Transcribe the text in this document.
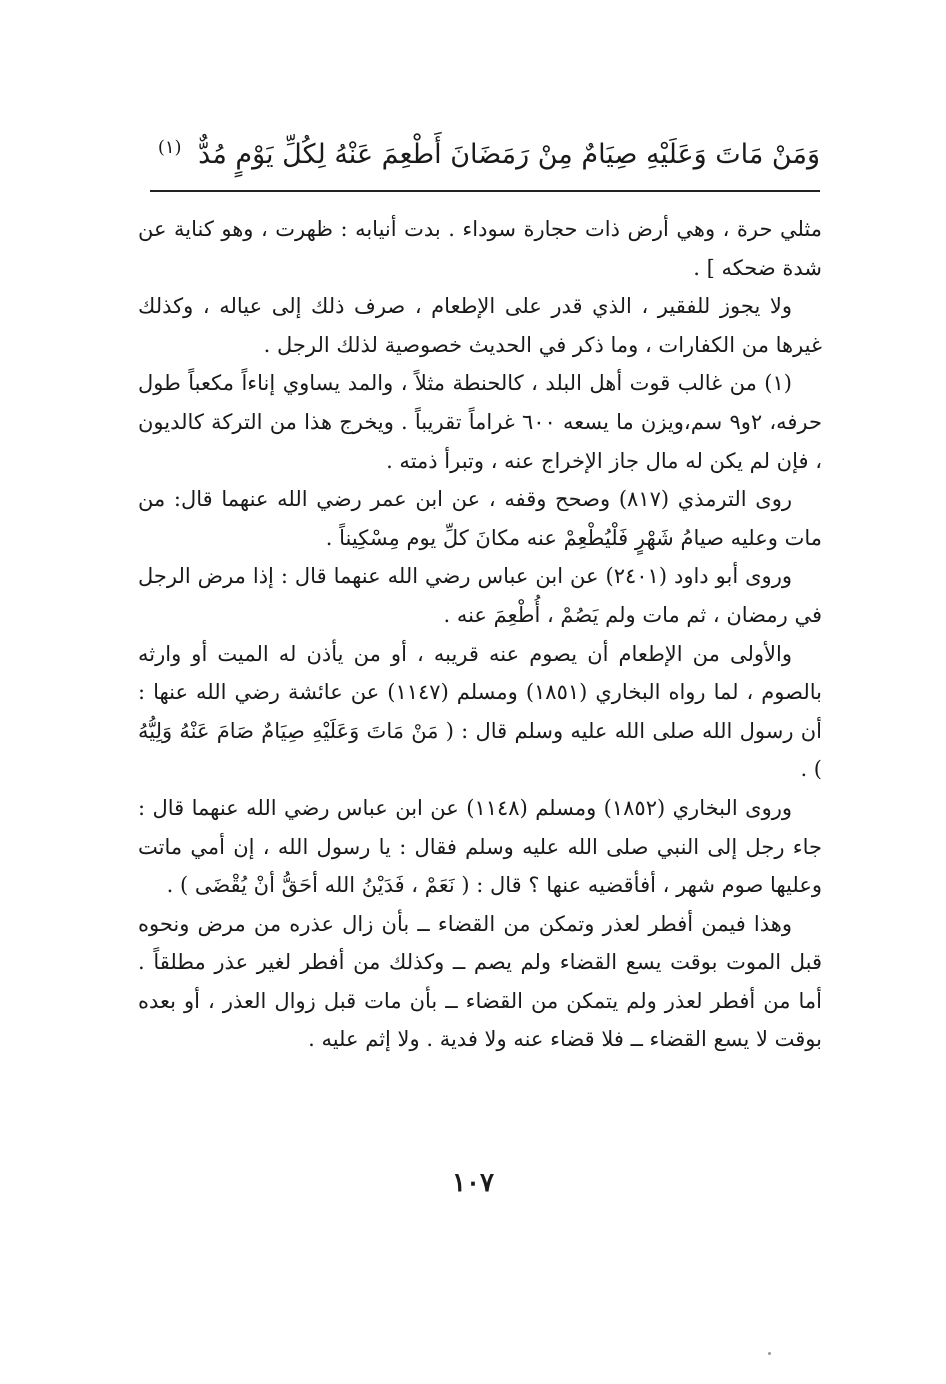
وَمَنْ مَاتَ وَعَلَيْهِ صِيَامٌ مِنْ رَمَضَانَ أَطْعِمَ عَنْهُ لِكُلِّ يَوْمٍ مُدٌّ $^{(١)}$

مثلي حرة ، وهي أرض ذات حجارة سوداء . بدت أنيابه : ظهرت ، وهو كناية عن شدة ضحكه ] .

ولا يجوز للفقير ، الذي قدر على الإطعام ، صرف ذلك إلى عياله ، وكذلك غيرها من الكفارات ، وما ذكر في الحديث خصوصية لذلك الرجل .

(١) من غالب قوت أهل البلد ، كالحنطة مثلاً ، والمد يساوي إناءاً مكعباً طول حرفه، ٢و٩ سم،ويزن ما يسعه ٦٠٠ غراماً تقريباً . ويخرج هذا من التركة كالديون ، فإن لم يكن له مال جاز الإخراج عنه ، وتبرأ ذمته .

روى الترمذي (٨١٧) وصحح وقفه ، عن ابن عمر رضي الله عنهما قال: من مات وعليه صيامُ شَهْرٍ فَلْيُطْعِمْ عنه مكانَ كلِّ يوم مِسْكِيناً .

وروى أبو داود (٢٤٠١) عن ابن عباس رضي الله عنهما قال : إذا مرض الرجل في رمضان ، ثم مات ولم يَصُمْ ، أُطْعِمَ عنه .

والأولى من الإطعام أن يصوم عنه قريبه ، أو من يأذن له الميت أو وارثه بالصوم ، لما رواه البخاري (١٨٥١) ومسلم (١١٤٧) عن عائشة رضي الله عنها : أن رسول الله صلى الله عليه وسلم قال : ( مَنْ مَاتَ وَعَلَيْهِ صِيَامٌ صَامَ عَنْهُ وَلِيُّهُ ) .

وروى البخاري (١٨٥٢) ومسلم (١١٤٨) عن ابن عباس رضي الله عنهما قال : جاء رجل إلى النبي صلى الله عليه وسلم فقال : يا رسول الله ، إن أمي ماتت وعليها صوم شهر ، أفأقضيه عنها ؟ قال : ( نَعَمْ ، فَدَيْنُ الله أحَقُّ أنْ يُقْضَى ) .

وهذا فيمن أفطر لعذر وتمكن من القضاء ــ بأن زال عذره من مرض ونحوه قبل الموت بوقت يسع القضاء ولم يصم ــ وكذلك من أفطر لغير عذر مطلقاً . أما من أفطر لعذر ولم يتمكن من القضاء ــ بأن مات قبل زوال العذر ، أو بعده بوقت لا يسع القضاء ــ فلا قضاء عنه ولا فدية . ولا إثم عليه .

١٠٧
